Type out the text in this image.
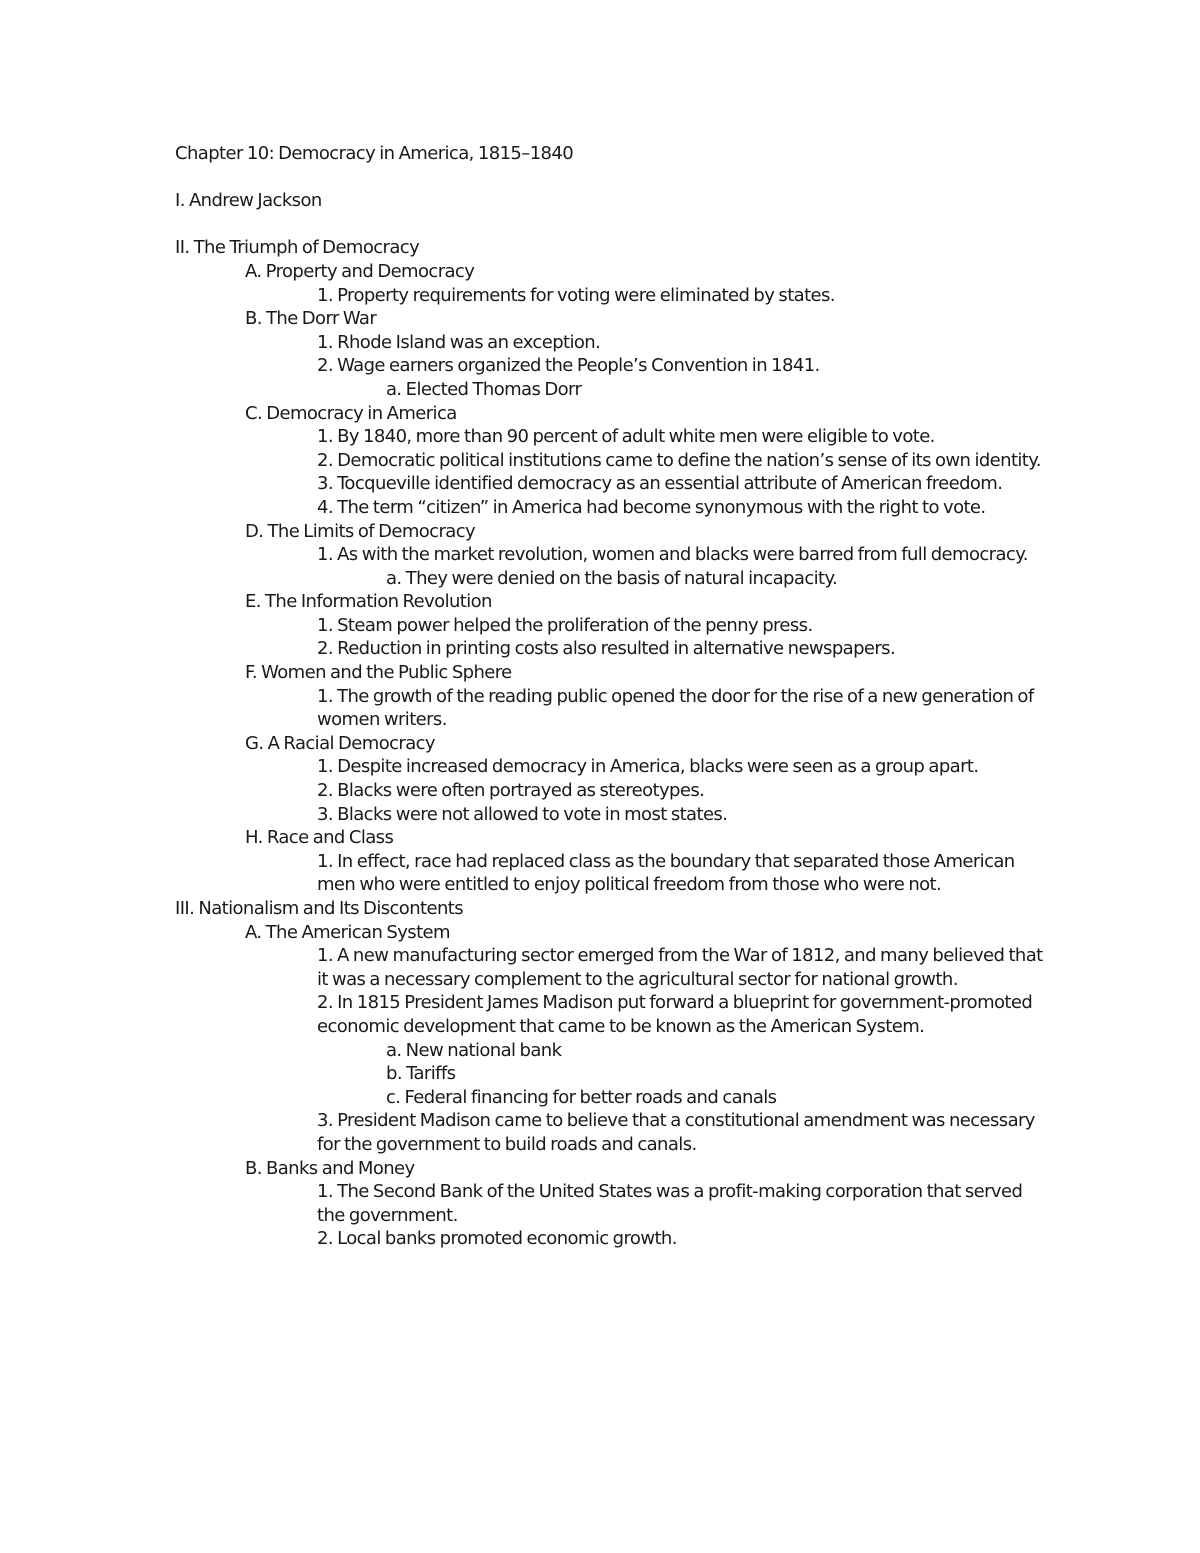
Chapter 10: Democracy in America, 1815–1840

I. Andrew Jackson

II. The Triumph of Democracy

A. Property and Democracy

1. Property requirements for voting were eliminated by states.

B. The Dorr War

1. Rhode Island was an exception.

2. Wage earners organized the People’s Convention in 1841.

a. Elected Thomas Dorr

C. Democracy in America

1. By 1840, more than 90 percent of adult white men were eligible to vote.

2. Democratic political institutions came to define the nation’s sense of its own identity.

3. Tocqueville identified democracy as an essential attribute of American freedom.

4. The term “citizen” in America had become synonymous with the right to vote.

D. The Limits of Democracy

1. As with the market revolution, women and blacks were barred from full democracy.

a. They were denied on the basis of natural incapacity.

E. The Information Revolution

1. Steam power helped the proliferation of the penny press.

2. Reduction in printing costs also resulted in alternative newspapers.

F. Women and the Public Sphere

1. The growth of the reading public opened the door for the rise of a new generation of women writers.

G. A Racial Democracy

1. Despite increased democracy in America, blacks were seen as a group apart.

2. Blacks were often portrayed as stereotypes.

3. Blacks were not allowed to vote in most states.

H. Race and Class

1. In effect, race had replaced class as the boundary that separated those American men who were entitled to enjoy political freedom from those who were not.

III. Nationalism and Its Discontents

A. The American System

1. A new manufacturing sector emerged from the War of 1812, and many believed that it was a necessary complement to the agricultural sector for national growth.

2. In 1815 President James Madison put forward a blueprint for government-promoted economic development that came to be known as the American System.

a. New national bank

b. Tariffs

c. Federal financing for better roads and canals

3. President Madison came to believe that a constitutional amendment was necessary for the government to build roads and canals.

B. Banks and Money

1. The Second Bank of the United States was a profit-making corporation that served the government.

2. Local banks promoted economic growth.
